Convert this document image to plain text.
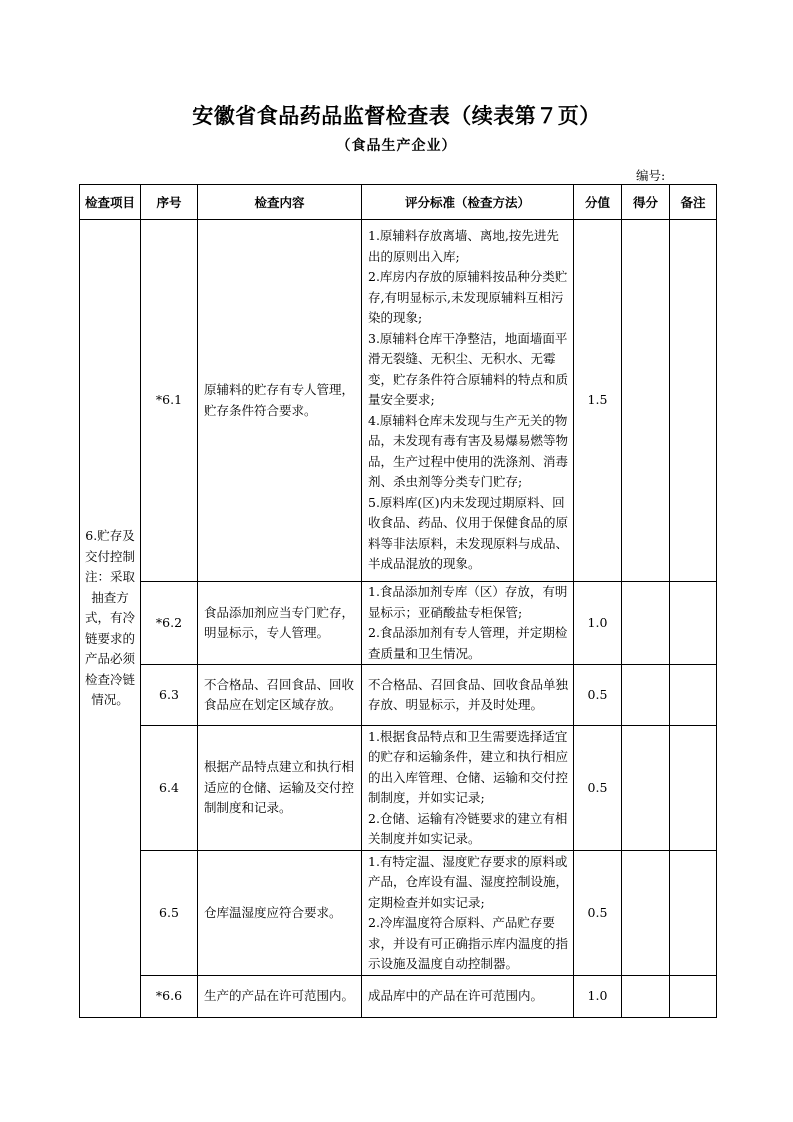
安徽省食品药品监督检查表（续表第７页）
（食品生产企业）
编号:
检查项目	序号	检查内容	评分标准（检查方法）	分值	得分	备注
6.贮存及交付控制注：采取抽查方式，有冷链要求的产品必须检查冷链情况。	*6.1	原辅料的贮存有专人管理，贮存条件符合要求。	1.原辅料存放离墙、离地,按先进先出的原则出入库;
2.库房内存放的原辅料按品种分类贮存,有明显标示,未发现原辅料互相污染的现象;
3.原辅料仓库干净整洁，地面墙面平滑无裂缝、无积尘、无积水、无霉变，贮存条件符合原辅料的特点和质量安全要求;
4.原辅料仓库未发现与生产无关的物品，未发现有毒有害及易爆易燃等物品，生产过程中使用的洗涤剂、消毒剂、杀虫剂等分类专门贮存;
5.原料库(区)内未发现过期原料、回收食品、药品、仪用于保健食品的原料等非法原料，未发现原料与成品、半成品混放的现象。	1.5		
	*6.2	食品添加剂应当专门贮存，明显标示，专人管理。	1.食品添加剂专库（区）存放，有明显标示；亚硝酸盐专柜保管;
2.食品添加剂有专人管理，并定期检查质量和卫生情况。	1.0		
	6.3	不合格品、召回食品、回收食品应在划定区域存放。	不合格品、召回食品、回收食品单独存放、明显标示，并及时处理。	0.5		
	6.4	根据产品特点建立和执行相适应的仓储、运输及交付控制制度和记录。	1.根据食品特点和卫生需要选择适宜的贮存和运输条件，建立和执行相应的出入库管理、仓储、运输和交付控制制度，并如实记录;
2.仓储、运输有冷链要求的建立有相关制度并如实记录。	0.5		
	6.5	仓库温湿度应符合要求。	1.有特定温、湿度贮存要求的原料或产品，仓库设有温、湿度控制设施，定期检查并如实记录;
2.冷库温度符合原料、产品贮存要求，并设有可正确指示库内温度的指示设施及温度自动控制器。	0.5		
	*6.6	生产的产品在许可范围内。	成品库中的产品在许可范围内。	1.0		
